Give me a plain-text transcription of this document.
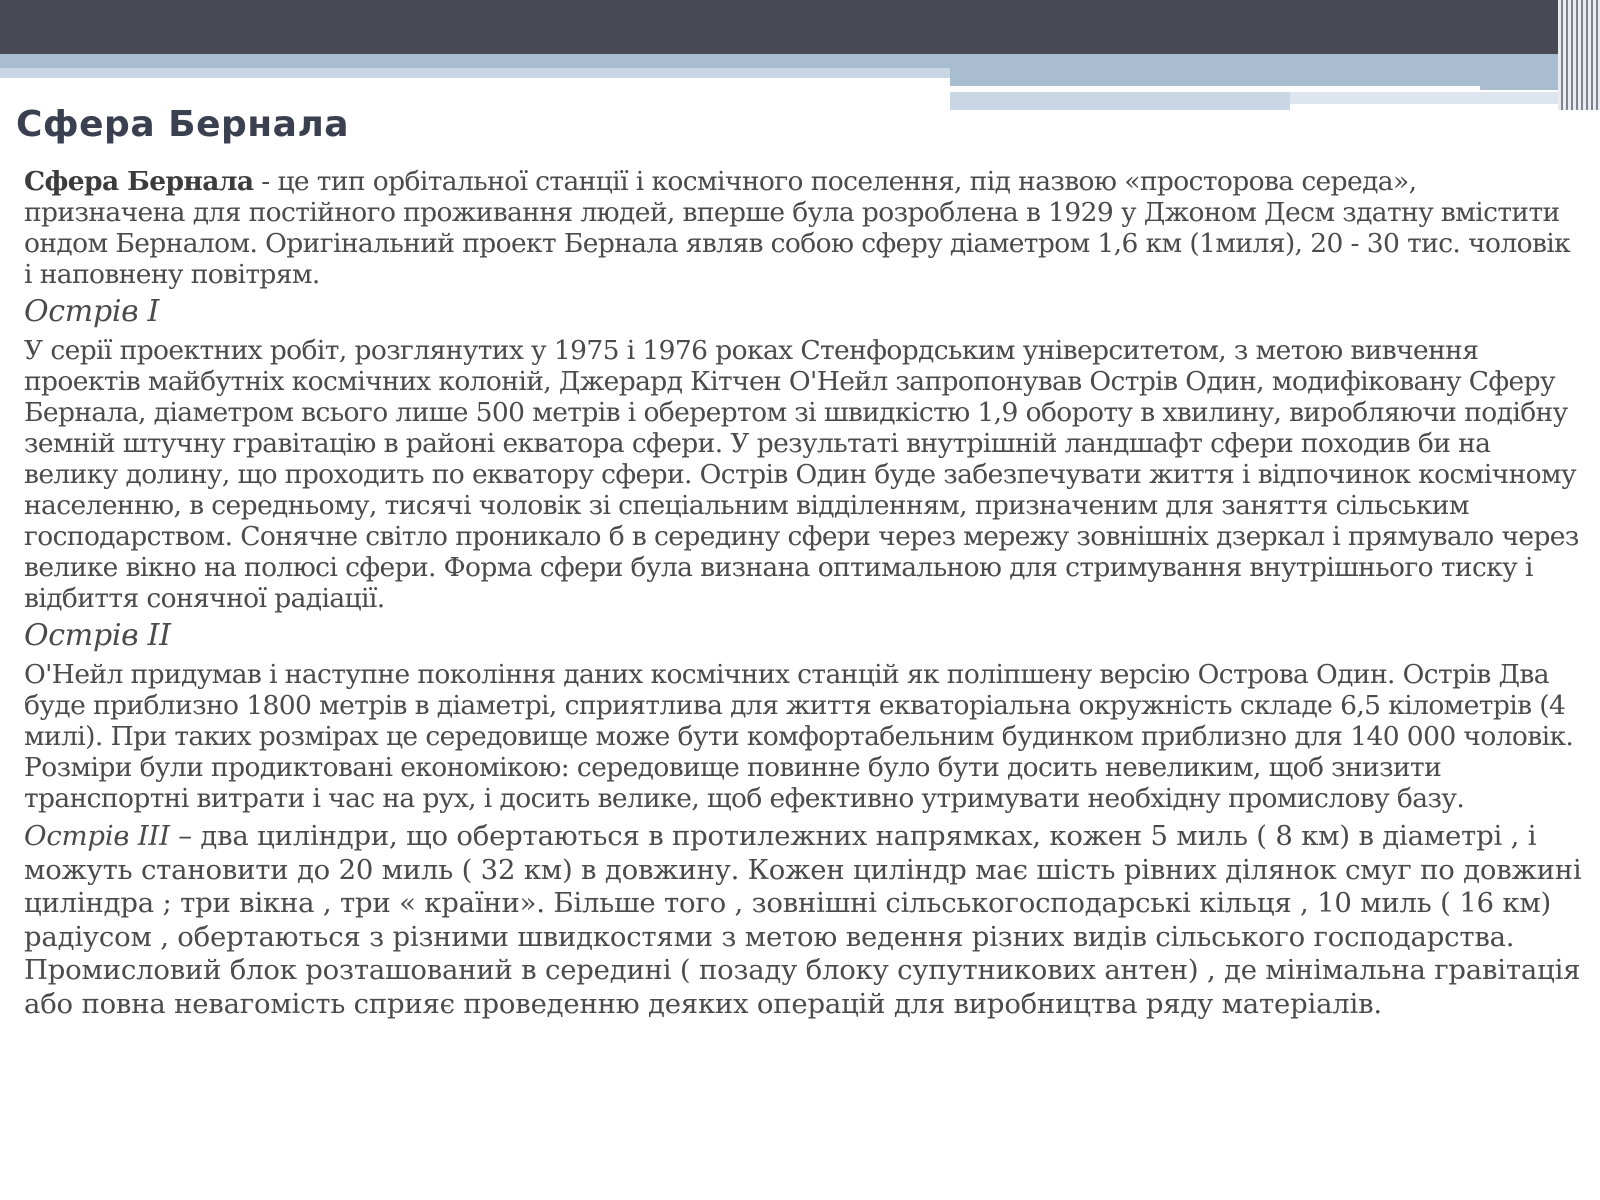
Сфера Бернала

Сфера Бернала - це тип орбітальної станції і космічного поселення, під назвою «просторова середа», призначена для постійного проживання людей, вперше була розроблена в 1929 у Джоном Десм здатну вмістити ондом Берналом. Оригінальний проект Бернала являв собою сферу діаметром 1,6 км (1миля), 20 - 30 тис. чоловік і наповнену повітрям.

Острів I

У серії проектних робіт, розглянутих у 1975 і 1976 роках Стенфордським університетом, з метою вивчення проектів майбутніх космічних колоній, Джерард Кітчен О'Нейл запропонував Острів Один, модифіковану Сферу Бернала, діаметром всього лише 500 метрів і оберертом зі швидкістю 1,9 обороту в хвилину, виробляючи подібну земній штучну гравітацію в районі екватора сфери. У результаті внутрішній ландшафт сфери походив би на велику долину, що проходить по екватору сфери. Острів Один буде забезпечувати життя і відпочинок космічному населенню, в середньому, тисячі чоловік зі спеціальним відділенням, призначеним для заняття сільським господарством. Сонячне світло проникало б в середину сфери через мережу зовнішніх дзеркал і прямувало через велике вікно на полюсі сфери. Форма сфери була визнана оптимальною для стримування внутрішнього тиску і відбиття сонячної радіації.

Острів II

О'Нейл придумав і наступне покоління даних космічних станцій як поліпшену версію Острова Один. Острів Два буде приблизно 1800 метрів в діаметрі, сприятлива для життя екваторіальна окружність складе 6,5 кілометрів (4 милі). При таких розмірах це середовище може бути комфортабельним будинком приблизно для 140 000 чоловік. Розміри були продиктовані економікою: середовище повинне було бути досить невеликим, щоб знизити транспортні витрати і час на рух, і досить велике, щоб ефективно утримувати необхідну промислову базу.

Острів III – два циліндри, що обертаються в протилежних напрямках, кожен 5 миль ( 8 км) в діаметрі , і можуть становити до 20 миль ( 32 км) в довжину. Кожен циліндр має шість рівних ділянок смуг по довжині циліндра ; три вікна , три « країни». Більше того , зовнішні сільськогосподарські кільця , 10 миль ( 16 км) радіусом , обертаються з різними швидкостями з метою ведення різних видів сільського господарства. Промисловий блок розташований в середині ( позаду блоку супутникових антен) , де мінімальна гравітація або повна невагомість сприяє проведенню деяких операцій для виробництва ряду матеріалів.
